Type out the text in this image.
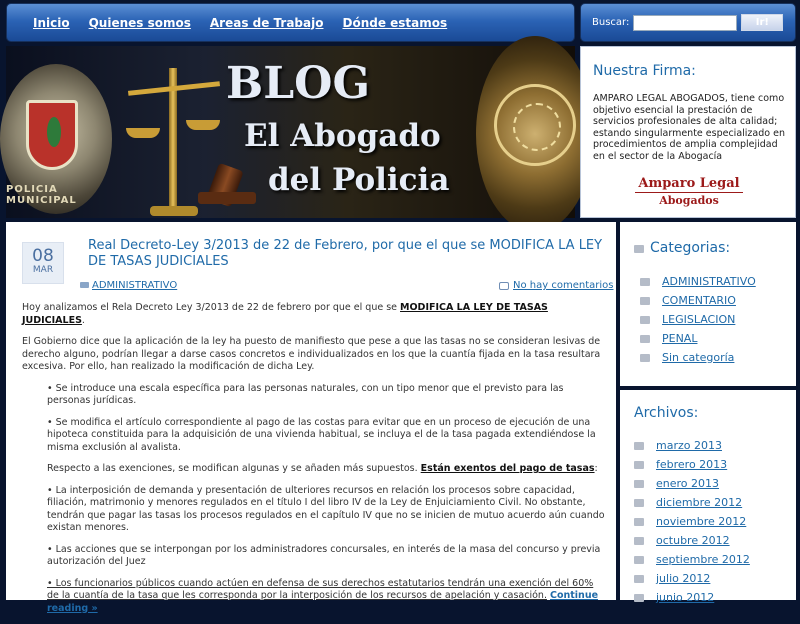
Inicio Quienes somos Areas de Trabajo Dónde estamos	Buscar:	Ir!
POLICIA MUNICIPAL
BLOG
El Abogado
del Policia
Nuestra Firma:

AMPARO LEGAL ABOGADOS, tiene como objetivo esencial la prestación de servicios profesionales de alta calidad; estando singularmente especializado en procedimientos de amplia complejidad en el sector de la Abogacía

Amparo Legal
Abogados
08
MAR
Real Decreto-Ley 3/2013 de 22 de Febrero, por que el que se MODIFICA LA LEY DE TASAS JUDICIALES
ADMINISTRATIVO	No hay comentarios

Hoy analizamos el Rela Decreto Ley 3/2013 de 22 de febrero por que el que se MODIFICA LA LEY DE TASAS JUDICIALES.

El Gobierno dice que la aplicación de la ley ha puesto de manifiesto que pese a que las tasas no se consideran lesivas de derecho alguno, podrían llegar a darse casos concretos e individualizados en los que la cuantía fijada en la tasa resultara excesiva. Por ello, han realizado la modificación de dicha Ley.

• Se introduce una escala específica para las personas naturales, con un tipo menor que el previsto para las personas jurídicas.

• Se modifica el artículo correspondiente al pago de las costas para evitar que en un proceso de ejecución de una hipoteca constituida para la adquisición de una vivienda habitual, se incluya el de la tasa pagada extendiéndose la misma exclusión al avalista.

Respecto a las exenciones, se modifican algunas y se añaden más supuestos. Están exentos del pago de tasas:

• La interposición de demanda y presentación de ulteriores recursos en relación los procesos sobre capacidad, filiación, matrimonio y menores regulados en el título I del libro IV de la Ley de Enjuiciamiento Civil. No obstante, tendrán que pagar las tasas los procesos regulados en el capítulo IV que no se inicien de mutuo acuerdo aún cuando existan menores.

• Las acciones que se interpongan por los administradores concursales, en interés de la masa del concurso y previa autorización del Juez

• Los funcionarios públicos cuando actúen en defensa de sus derechos estatutarios tendrán una exención del 60% de la cuantía de la tasa que les corresponda por la interposición de los recursos de apelación y casación. Continue reading »

Categorias:
ADMINISTRATIVO
COMENTARIO
LEGISLACION
PENAL
Sin categoría
Archivos:
marzo 2013
febrero 2013
enero 2013
diciembre 2012
noviembre 2012
octubre 2012
septiembre 2012
julio 2012
junio 2012
